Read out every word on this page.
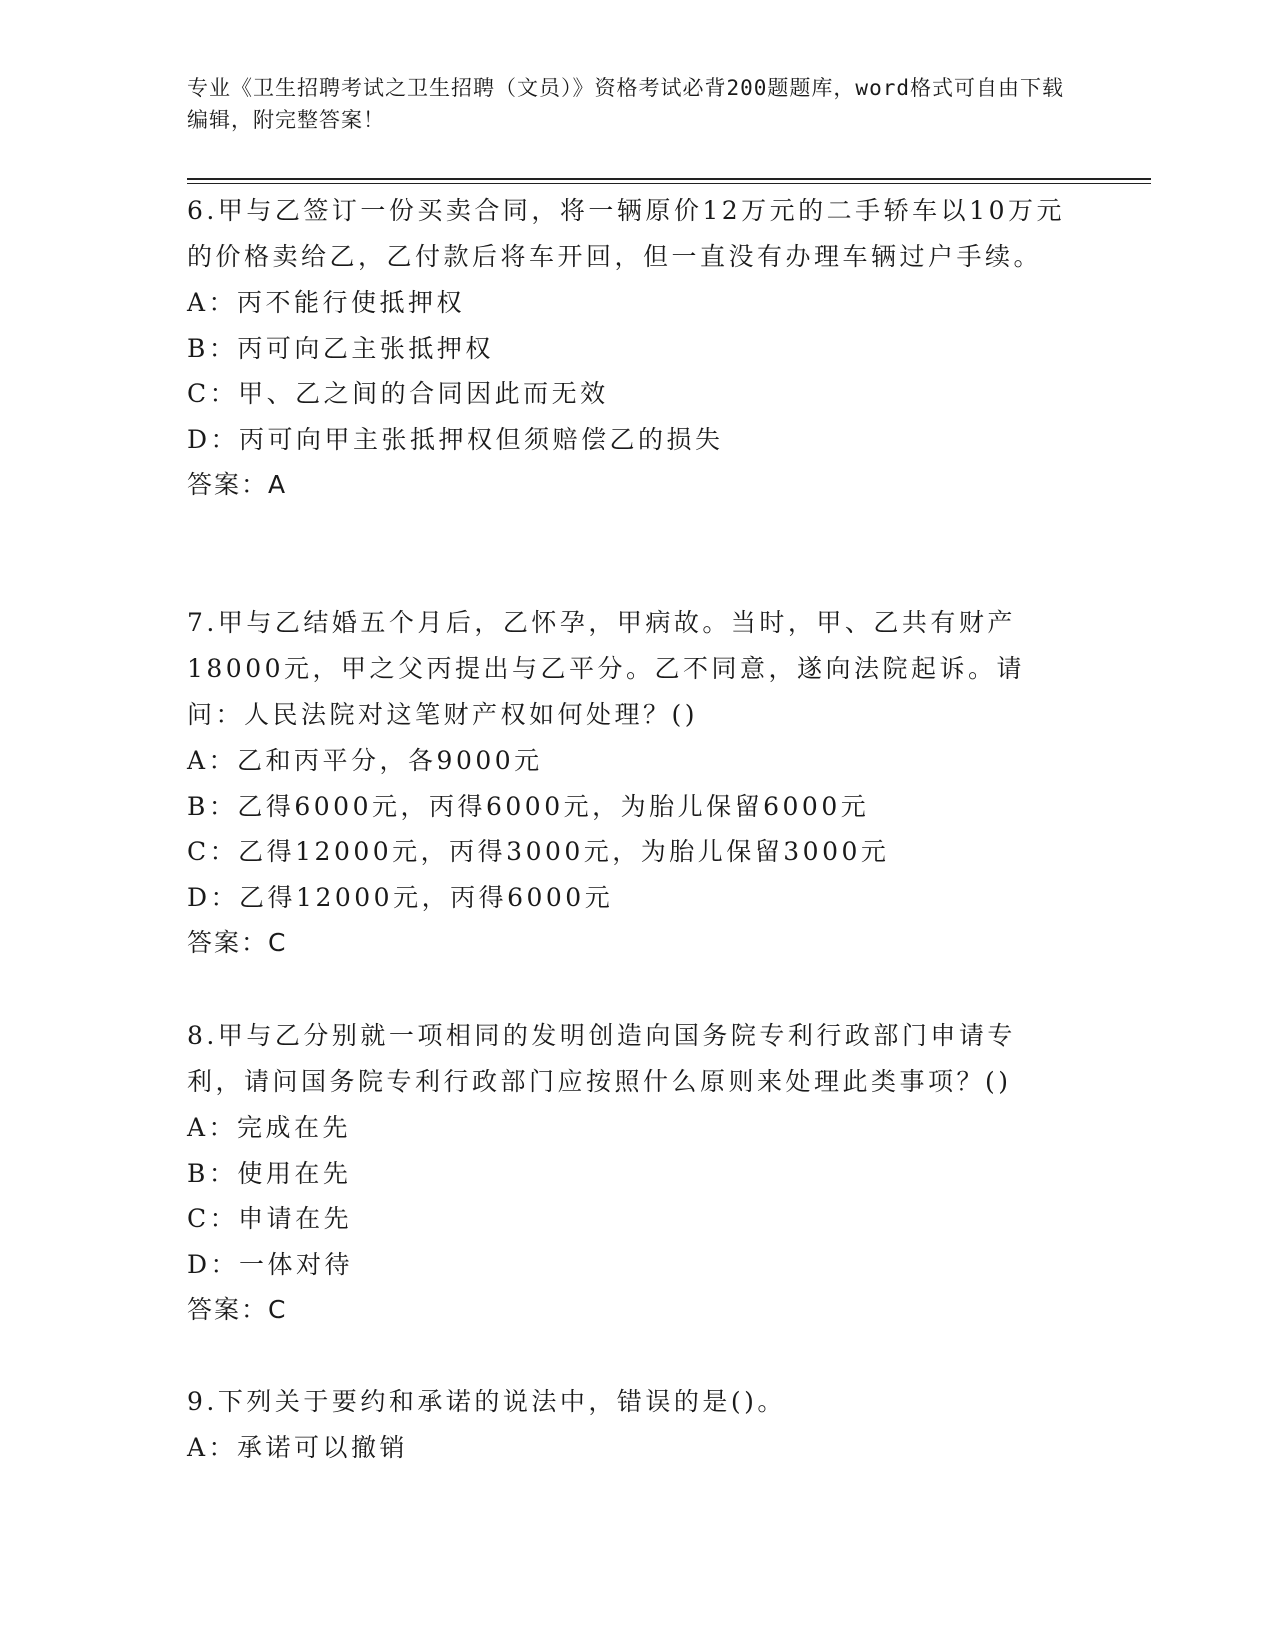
专业《卫生招聘考试之卫生招聘（文员）》资格考试必背200题题库，word格式可自由下载编辑，附完整答案！

6.甲与乙签订一份买卖合同，将一辆原价12万元的二手轿车以10万元的价格卖给乙，乙付款后将车开回，但一直没有办理车辆过户手续。

A：丙不能行使抵押权

B：丙可向乙主张抵押权

C：甲、乙之间的合同因此而无效

D：丙可向甲主张抵押权但须赔偿乙的损失

答案：A

7.甲与乙结婚五个月后，乙怀孕，甲病故。当时，甲、乙共有财产18000元，甲之父丙提出与乙平分。乙不同意，遂向法院起诉。请问：人民法院对这笔财产权如何处理？()

A：乙和丙平分，各9000元

B：乙得6000元，丙得6000元，为胎儿保留6000元

C：乙得12000元，丙得3000元，为胎儿保留3000元

D：乙得12000元，丙得6000元

答案：C

8.甲与乙分别就一项相同的发明创造向国务院专利行政部门申请专利，请问国务院专利行政部门应按照什么原则来处理此类事项？()

A：完成在先

B：使用在先

C：申请在先

D：一体对待

答案：C

9.下列关于要约和承诺的说法中，错误的是()。

A：承诺可以撤销
